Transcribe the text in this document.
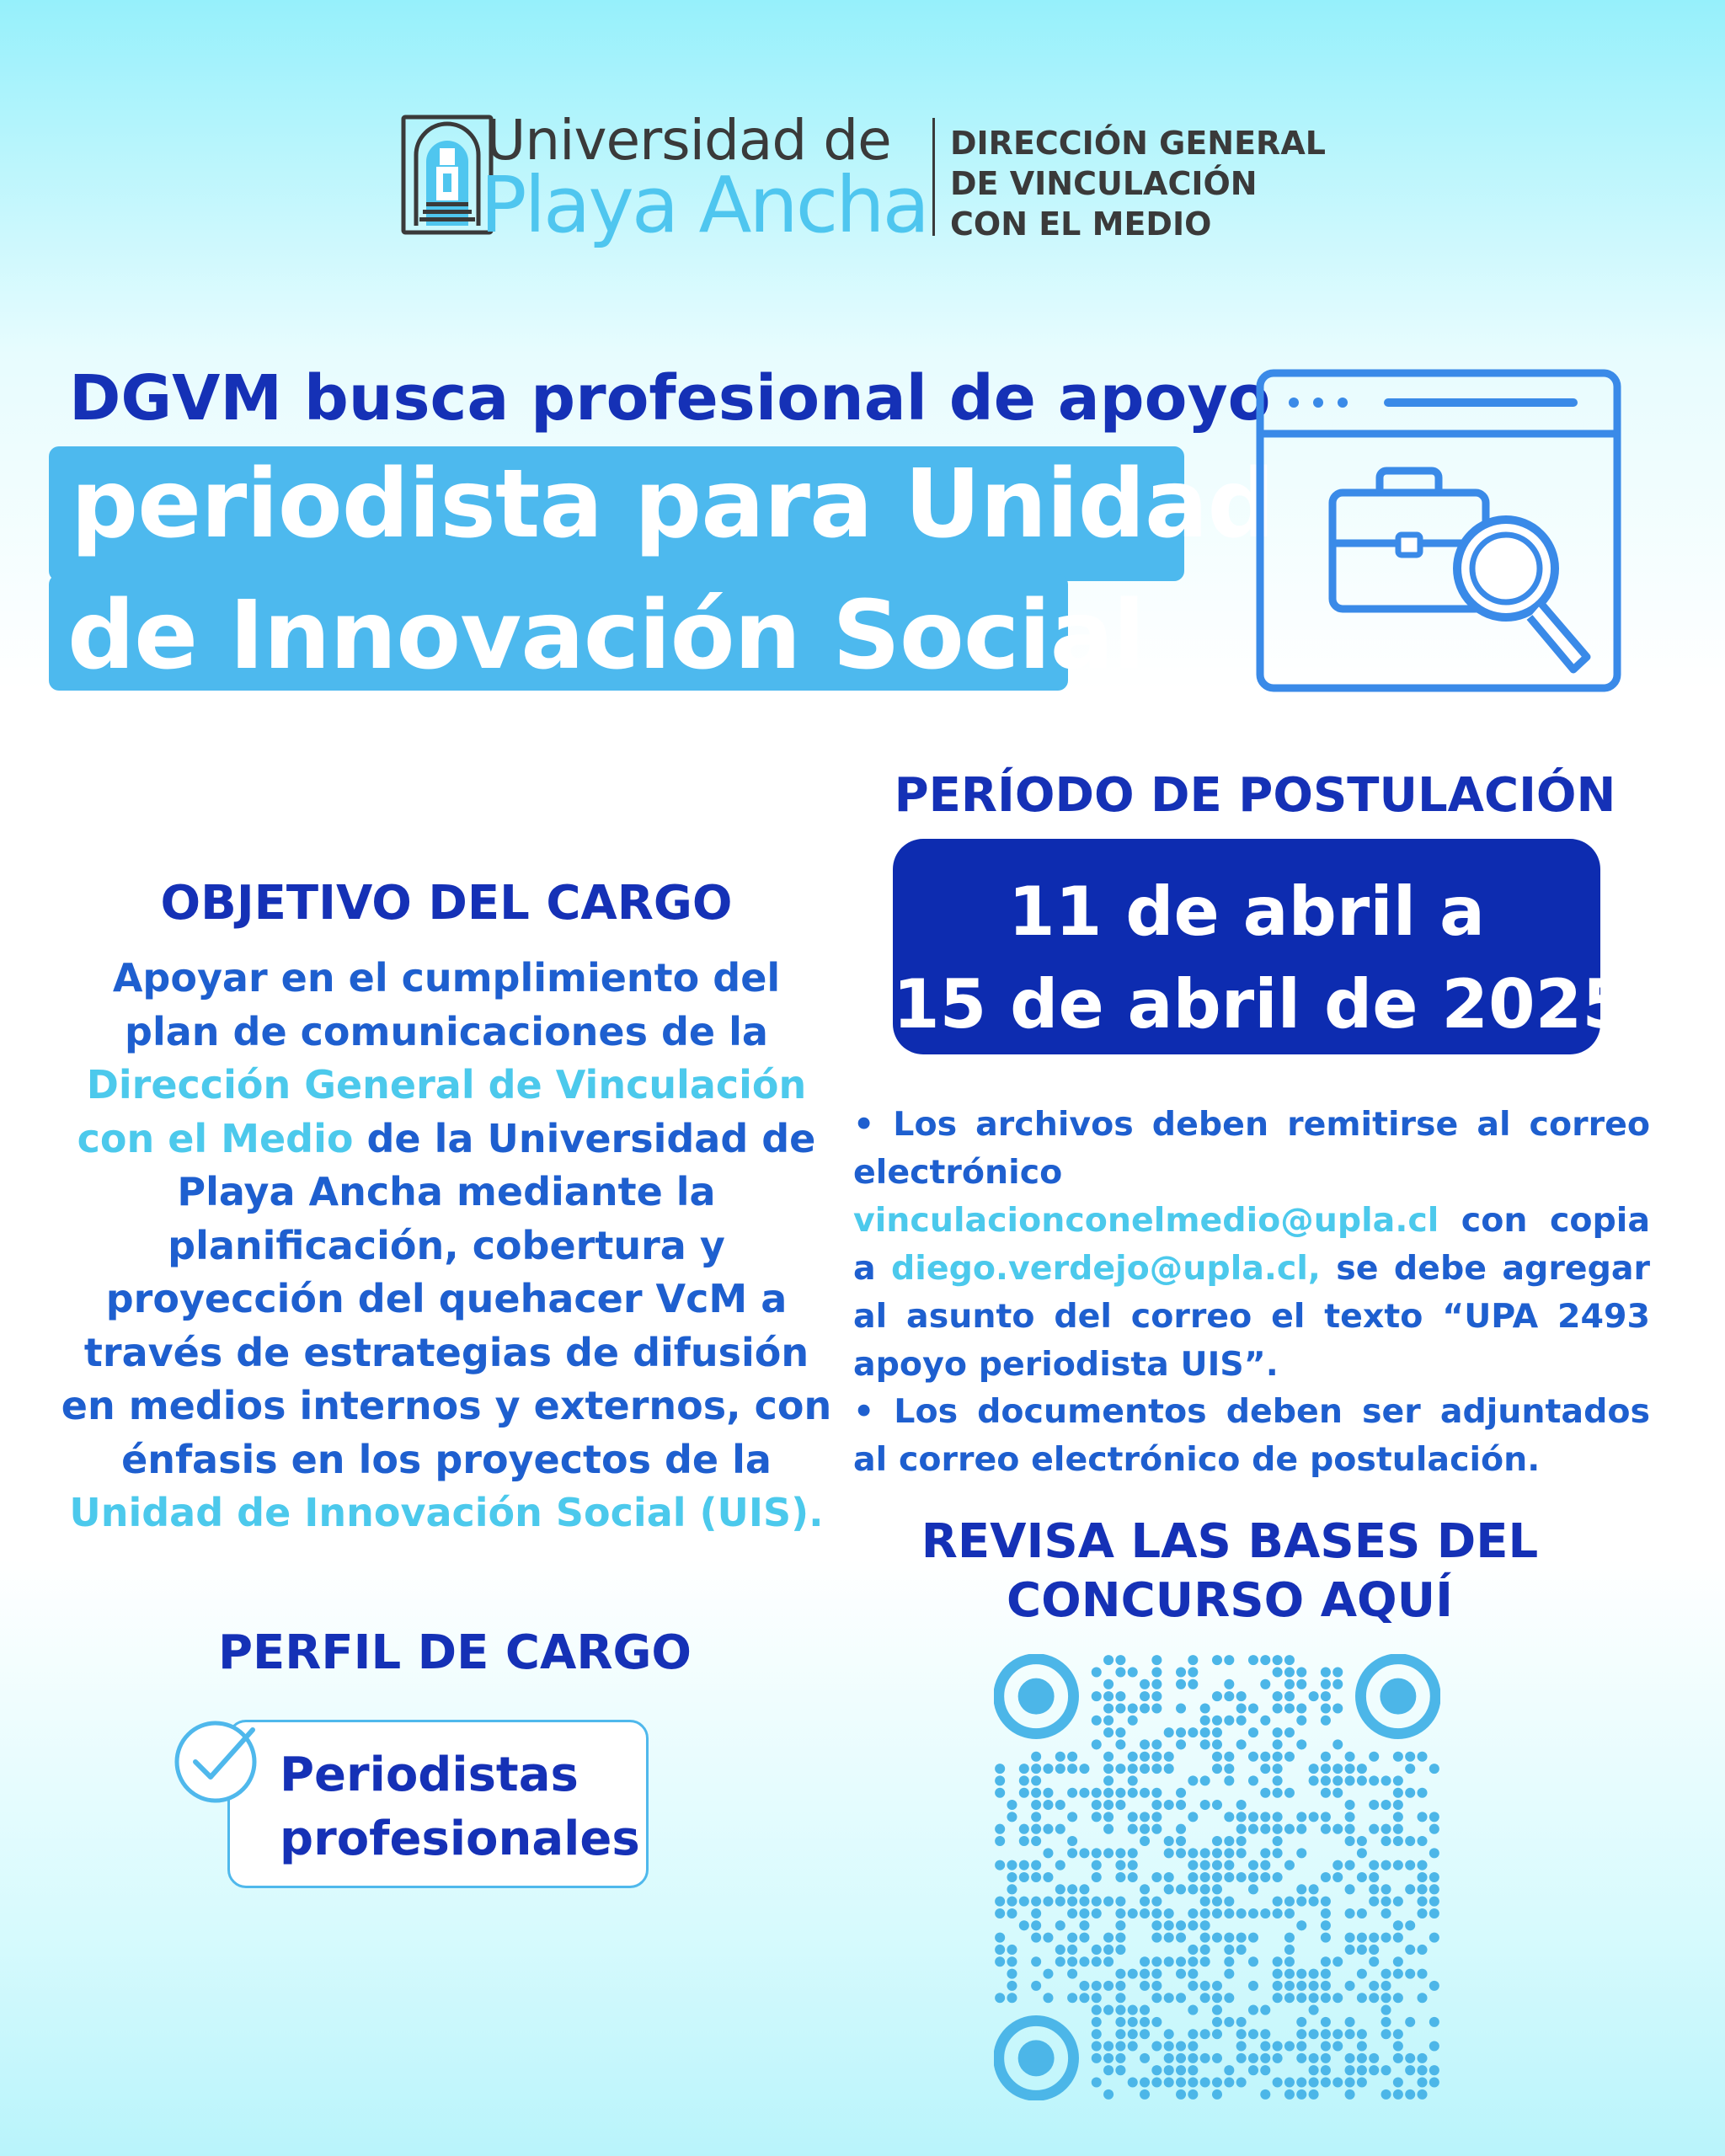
Universidad de
Playa Ancha
DIRECCIÓN GENERAL
DE VINCULACIÓN
CON EL MEDIO
DGVM busca profesional de apoyo
periodista para Unidad
de Innovación Social
OBJETIVO DEL CARGO
Apoyar en el cumplimiento del plan de comunicaciones de la Dirección General de Vinculación con el Medio de la Universidad de Playa Ancha mediante la planificación, cobertura y proyección del quehacer VcM a través de estrategias de difusión en medios internos y externos, con énfasis en los proyectos de la Unidad de Innovación Social (UIS).
PERFIL DE CARGO
Periodistas
profesionales
PERÍODO DE POSTULACIÓN
11 de abril a
15 de abril de 2025
• Los archivos deben remitirse al correo electrónico vinculacionconelmedio@upla.cl con copia a diego.verdejo@upla.cl, se debe agregar al asunto del correo el texto “UPA 2493 apoyo periodista UIS”.
• Los documentos deben ser adjuntados al correo electrónico de postulación.
REVISA LAS BASES DEL CONCURSO AQUÍ
